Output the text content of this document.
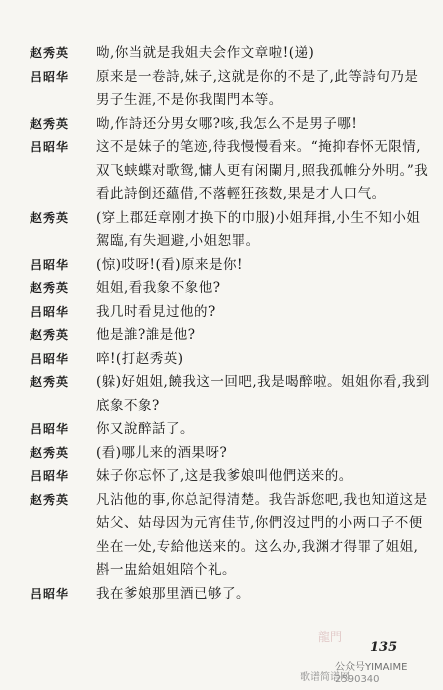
赵秀英	呦,你当就是我姐夫会作文章啦!(递)
吕昭华	原来是一卷詩,妹子,这就是你的不是了,此等詩句乃是男子生涯,不是你我閨門本等。
赵秀英	呦,作詩还分男女哪?咳,我怎么不是男子哪!
吕昭华	这不是妹子的笔迹,待我慢慢看来。“掩抑春怀无限情,双飞蛱蝶对歌鸳,慵人更有闲闌月,照我孤帷分外明。”我看此詩倒还蘊借,不落輕狂孩数,果是才人口气。
赵秀英	(穿上郡廷章刚才换下的巾服)小姐拜揖,小生不知小姐駕臨,有失迴避,小姐恕罪。
吕昭华	(惊)哎呀!(看)原来是你!
赵秀英	姐姐,看我象不象他?
吕昭华	我几时看見过他的?
赵秀英	他是誰?誰是他?
吕昭华	啐!(打赵秀英)
赵秀英	(躲)好姐姐,饒我这一回吧,我是喝醉啦。姐姐你看,我到底象不象?
吕昭华	你又說醉話了。
赵秀英	(看)哪儿来的酒果呀?
吕昭华	妹子你忘怀了,这是我爹娘叫他們送来的。
赵秀英	凡沾他的事,你总記得清楚。我告訴您吧,我也知道这是姑父、姑母因为元宵佳节,你們沒过門的小两口子不便坐在一处,专給他送来的。这么办,我渊才得罪了姐姐,斟一盅給姐姐陪个礼。
吕昭华	我在爹娘那里酒已够了。
龍門
135
歌谱简谱网
公众号YIMAIME
2590340
